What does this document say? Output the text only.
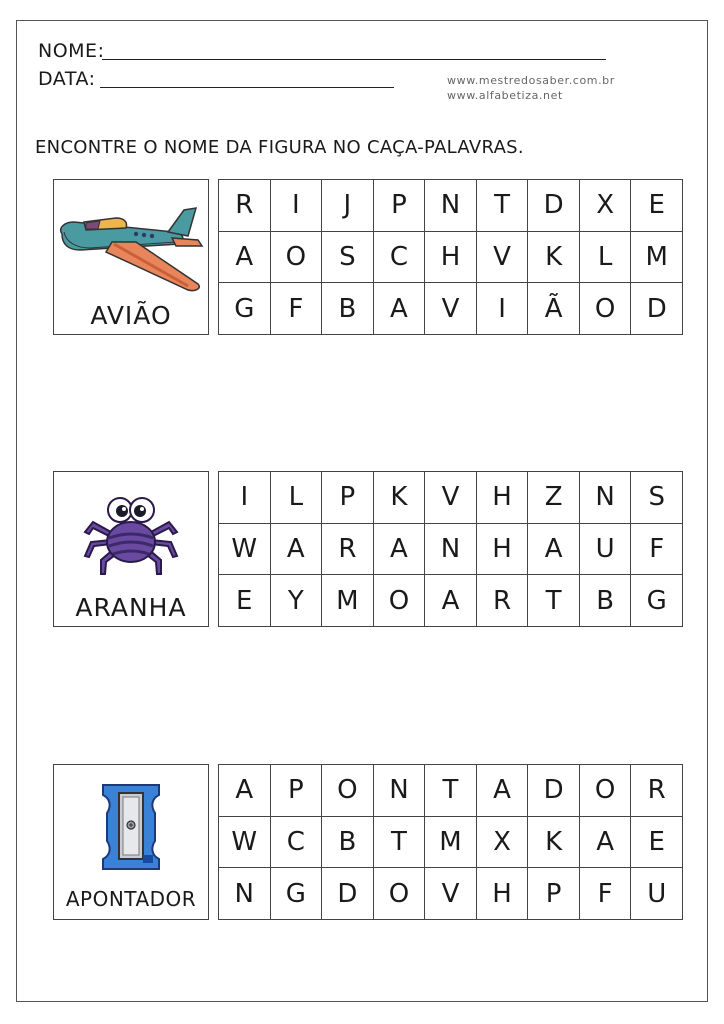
NOME:
DATA:	www.mestredosaber.com.br
www.alfabetiza.net
ENCONTRE O NOME DA FIGURA NO CAÇA-PALAVRAS.
AVIÃO
R	I	J	P	N	T	D	X	E
A	O	S	C	H	V	K	L	M
G	F	B	A	V	I	Ã	O	D
ARANHA
I	L	P	K	V	H	Z	N	S
W	A	R	A	N	H	A	U	F
E	Y	M	O	A	R	T	B	G
APONTADOR
A	P	O	N	T	A	D	O	R
W	C	B	T	M	X	K	A	E
N	G	D	O	V	H	P	F	U
